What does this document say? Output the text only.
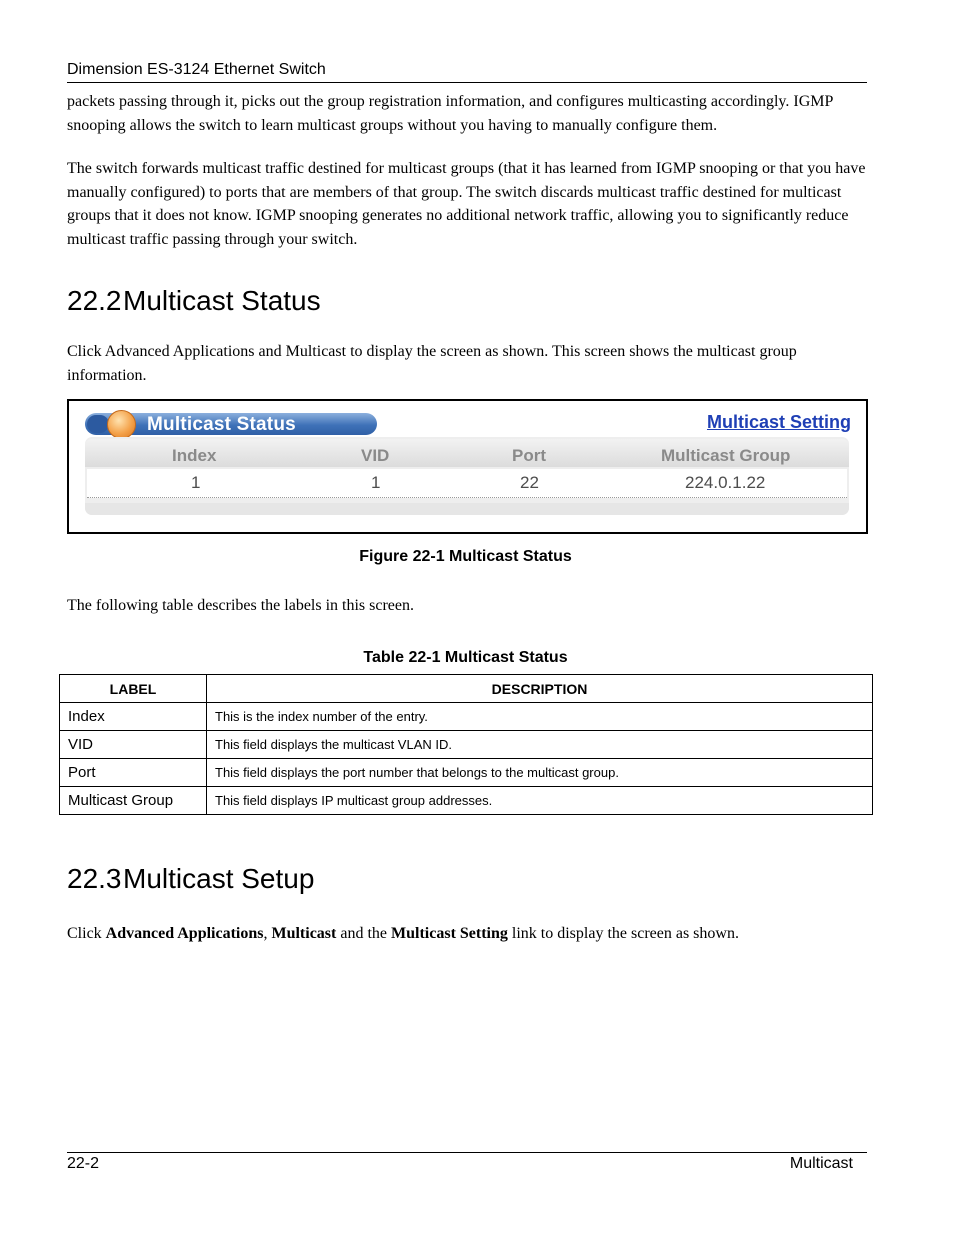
Dimension ES-3124 Ethernet Switch

packets passing through it, picks out the group registration information, and configures multicasting accordingly. IGMP snooping allows the switch to learn multicast groups without you having to manually configure them.

The switch forwards multicast traffic destined for multicast groups (that it has learned from IGMP snooping or that you have manually configured) to ports that are members of that group. The switch discards multicast traffic destined for multicast groups that it does not know. IGMP snooping generates no additional network traffic, allowing you to significantly reduce multicast traffic passing through your switch.

22.2Multicast Status

Click Advanced Applications and Multicast to display the screen as shown. This screen shows the multicast group information.

Multicast Status	Multicast Setting
Index	VID	Port	Multicast Group
1	1	22	224.0.1.22
Figure 22-1 Multicast Status

The following table describes the labels in this screen.

Table 22-1 Multicast Status
LABEL	DESCRIPTION
Index	This is the index number of the entry.
VID	This field displays the multicast VLAN ID.
Port	This field displays the port number that belongs to the multicast group.
Multicast Group	This field displays IP multicast group addresses.
22.3Multicast Setup

Click Advanced Applications, Multicast and the Multicast Setting link to display the screen as shown.

22-2	Multicast
